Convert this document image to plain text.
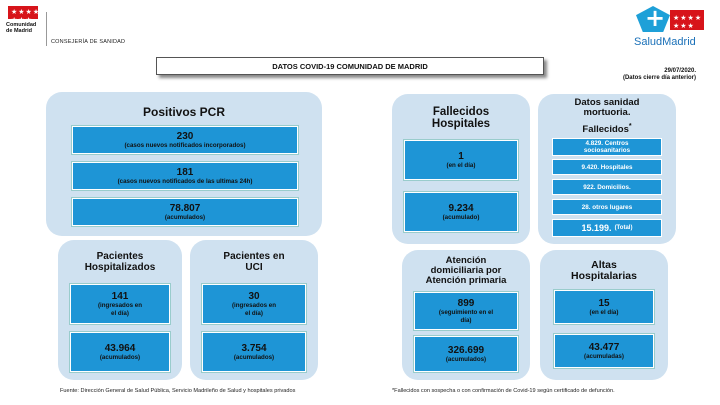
★★★★
★★★
Comunidad
de Madrid
CONSEJERÍA DE SANIDAD
+
★★★★
★★★
SaludMadrid
DATOS COVID-19 COMUNIDAD DE MADRID
29/07/2020.
(Datos cierre día anterior)
Positivos PCR
230
(casos nuevos notificados incorporados)
181
(casos nuevos notificados de las ultimas 24h)
78.807
(acumulados)
Pacientes
Hospitalizados
141
(ingresados en
el día)
43.964
(acumulados)
Pacientes en
UCI
30
(ingresados en
el día)
3.754
(acumulados)
Fallecidos
Hospitales
1
(en el día)
9.234
(acumulado)
Datos sanidad
mortuoria.
Fallecidos*
4.829. Centros
sociosanitarios
9.420. Hospitales
922. Domicilios.
28. otros lugares
15.199. (Total)
Atención
domiciliaria por
Atención primaria
899
(seguimiento en el
día)
326.699
(acumulados)
Altas
Hospitalarias
15
(en el día)
43.477
(acumuladas)
Fuente: Dirección General de Salud Pública, Servicio Madrileño de Salud y hospitales privados	*Fallecidos con sospecha o con confirmación de Covid-19 según certificado de defunción.
